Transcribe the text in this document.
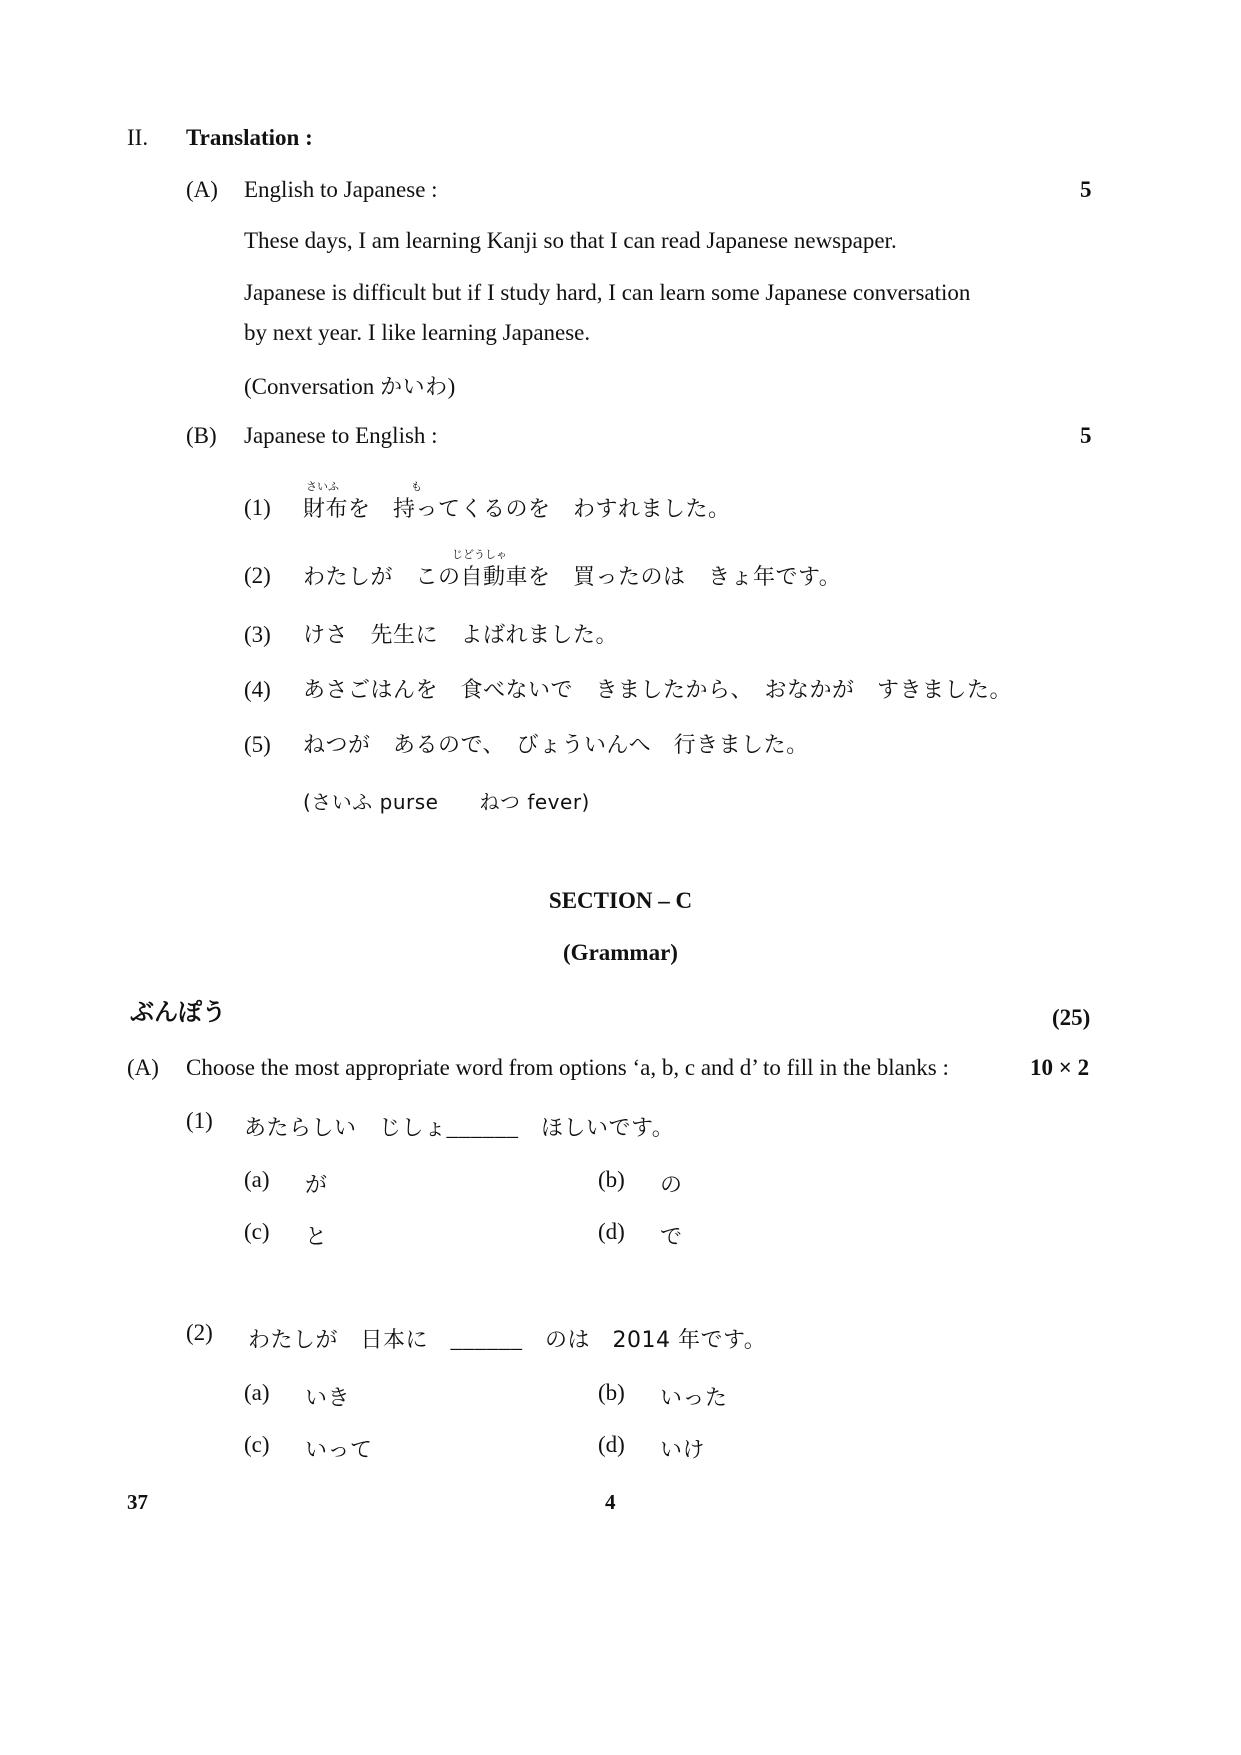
II. Translation :
(A) English to Japanese :	5
These days, I am learning Kanji so that I can read Japanese newspaper.
Japanese is difficult but if I study hard, I can learn some Japanese conversation
by next year. I like learning Japanese.
(Conversation かいわ)
(B) Japanese to English :	5
さいふ	も
(1) 財布を　持ってくるのを　わすれました。
じどうしゃ
(2) わたしが　この自動車を　買ったのは　きょ年です。
(3) けさ　先生に　よばれました。
(4) あさごはんを　食べないで　きましたから、　おなかが　すきました。
(5) ねつが　あるので、　びょういんへ　行きました。
(さいふ purse　　ねつ fever)
SECTION – C
(Grammar)
ぶんぽう	(25)
(A) Choose the most appropriate word from options ‘a, b, c and d’ to fill in the blanks :	10 × 2
(1) あたらしい　じしょ______　ほしいです。
(a) が	(b) の
(c) と	(d) で
(2) わたしが　日本に　______　のは　2014 年です。
(a) いき	(b) いった
(c) いって	(d) いけ
37	4
